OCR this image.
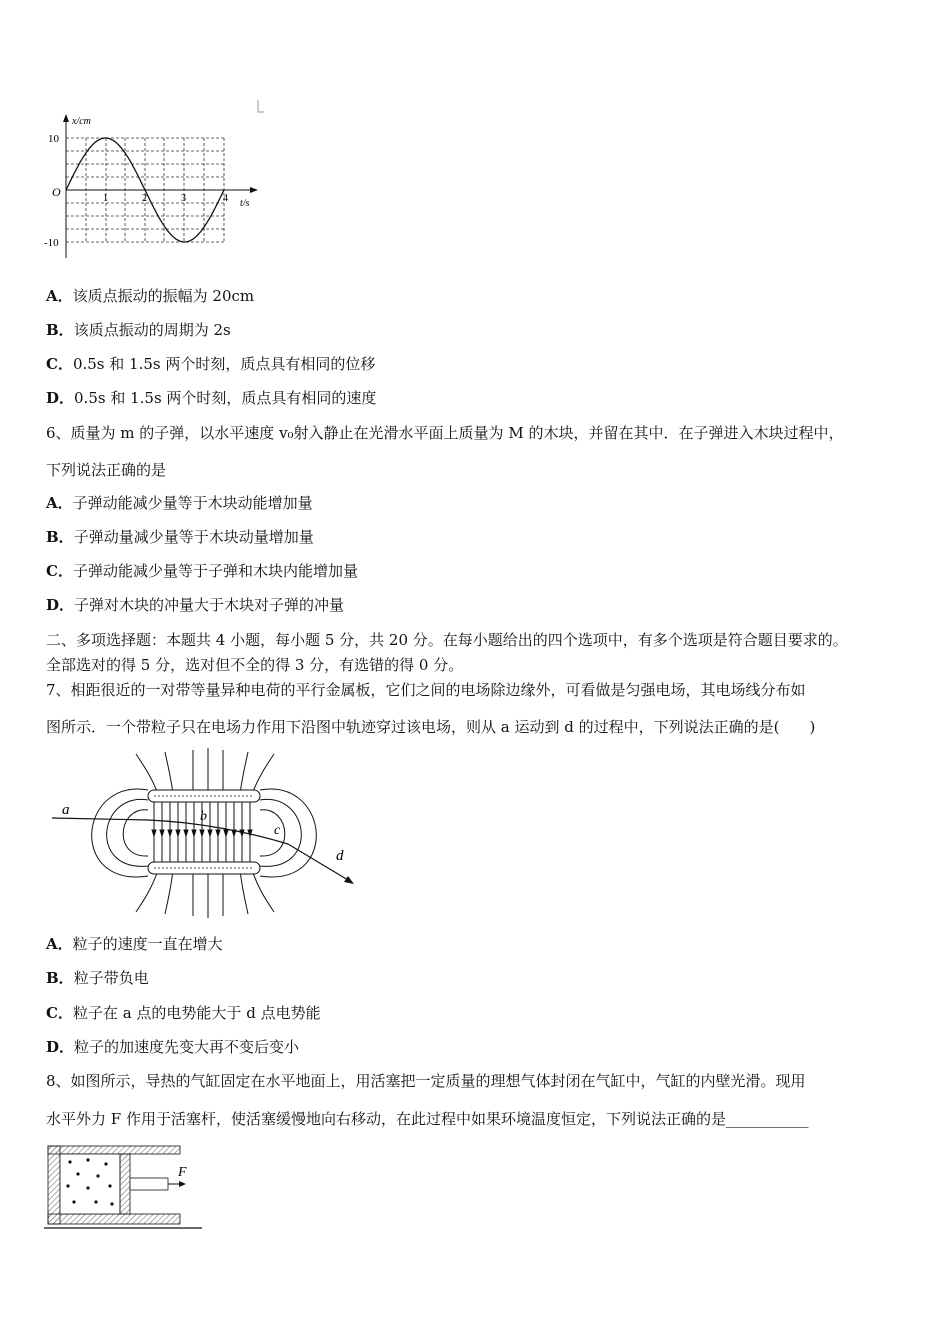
x/cm
t/s
O
10
-10
1	2	3	4
A．该质点振动的振幅为 20cm
B．该质点振动的周期为 2s
C．0.5s 和 1.5s 两个时刻，质点具有相同的位移
D．0.5s 和 1.5s 两个时刻，质点具有相同的速度
6、质量为 m 的子弹，以水平速度 v₀射入静止在光滑水平面上质量为 M 的木块，并留在其中．在子弹进入木块过程中，
下列说法正确的是
A．子弹动能减少量等于木块动能增加量
B．子弹动量减少量等于木块动量增加量
C．子弹动能减少量等于子弹和木块内能增加量
D．子弹对木块的冲量大于木块对子弹的冲量
二、多项选择题：本题共 4 小题，每小题 5 分，共 20 分。在每小题给出的四个选项中，有多个选项是符合题目要求的。
全部选对的得 5 分，选对但不全的得 3 分，有选错的得 0 分。
7、相距很近的一对带等量异种电荷的平行金属板，它们之间的电场除边缘外，可看做是匀强电场，其电场线分布如
图所示．一个带粒子只在电场力作用下沿图中轨迹穿过该电场，则从 a 运动到 d 的过程中，下列说法正确的是(　　)
a	b
c
d
A．粒子的速度一直在增大
B．粒子带负电
C．粒子在 a 点的电势能大于 d 点电势能
D．粒子的加速度先变大再不变后变小
8、如图所示，导热的气缸固定在水平地面上，用活塞把一定质量的理想气体封闭在气缸中，气缸的内壁光滑。现用
水平外力 F 作用于活塞杆，使活塞缓慢地向右移动，在此过程中如果环境温度恒定，下列说法正确的是___________
F
